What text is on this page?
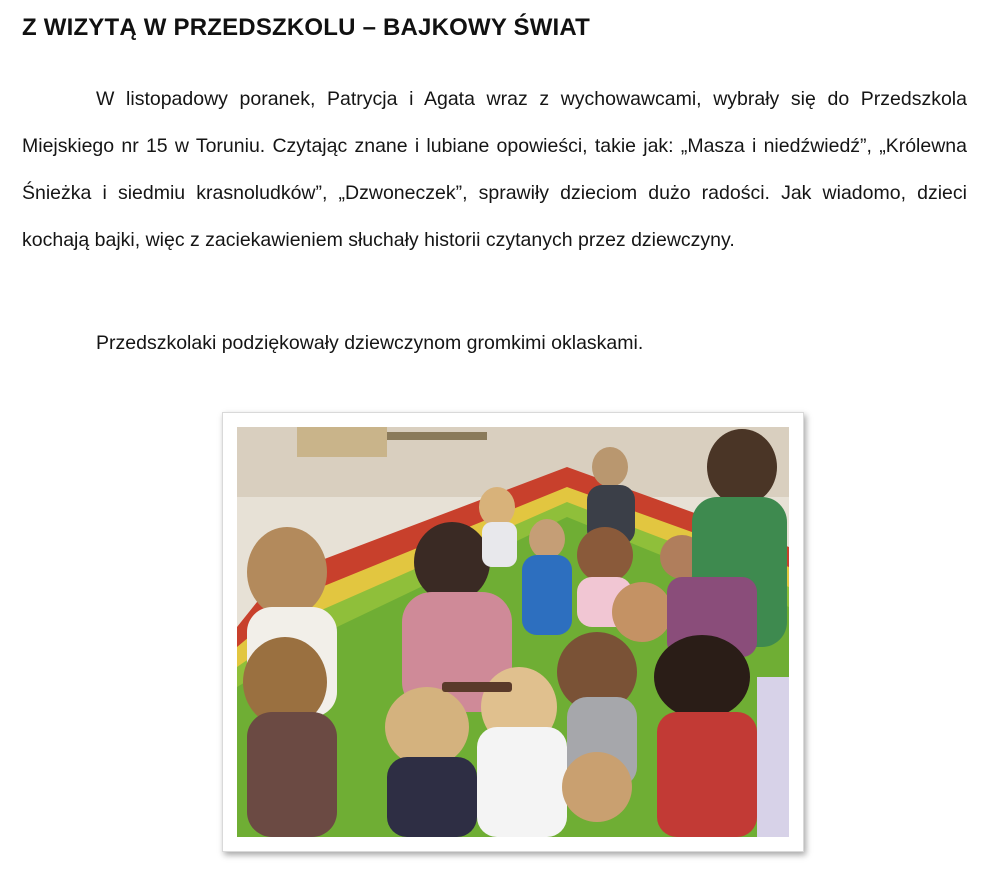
Z WIZYTĄ W PRZEDSZKOLU – BAJKOWY ŚWIAT

W listopadowy poranek, Patrycja i Agata wraz z wychowawcami, wybrały się do Przedszkola Miejskiego nr 15 w Toruniu. Czytając znane i lubiane opowieści, takie jak: „Masza i niedźwiedź”, „Królewna Śnieżka i siedmiu krasnoludków”, „Dzwoneczek”, sprawiły dzieciom dużo radości. Jak wiadomo, dzieci kochają bajki, więc z zaciekawieniem słuchały historii czytanych przez dziewczyny.

Przedszkolaki podziękowały dziewczynom gromkimi oklaskami.
